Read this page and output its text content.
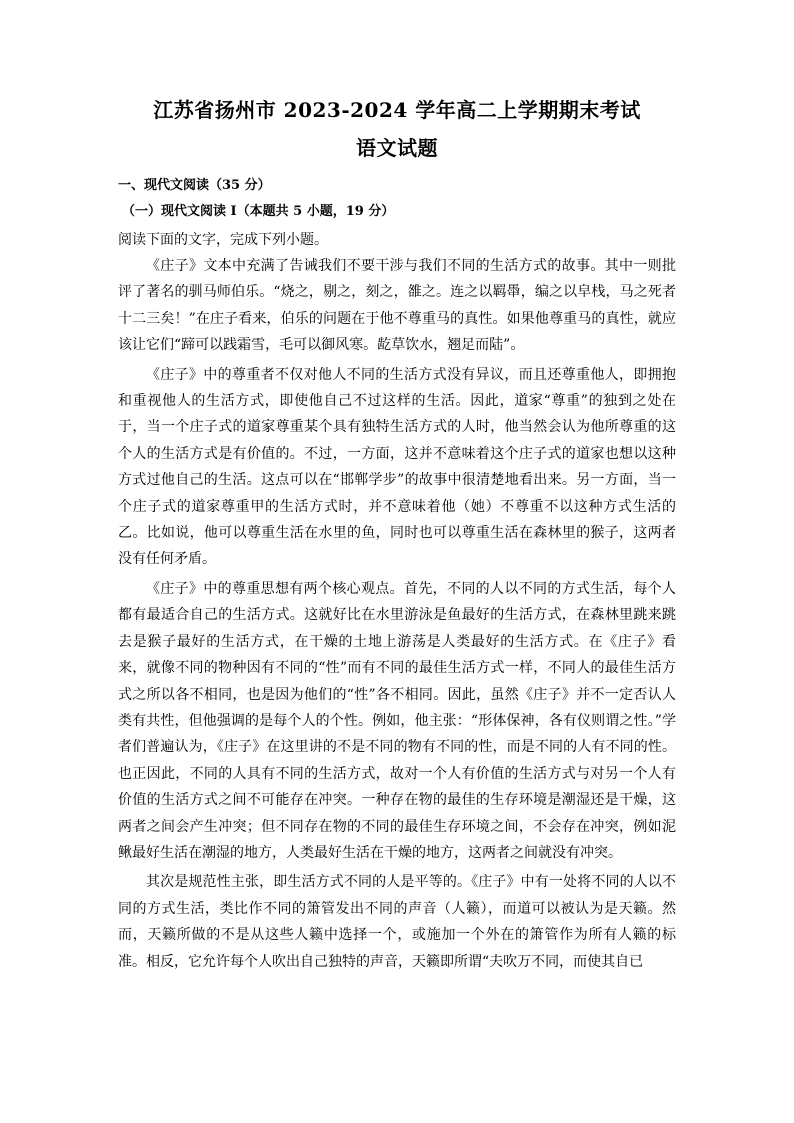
江苏省扬州市 2023-2024 学年高二上学期期末考试
语文试题

一、现代文阅读（35 分）

（一）现代文阅读 I（本题共 5 小题，19 分）

阅读下面的文字，完成下列小题。

《庄子》文本中充满了告诫我们不要干涉与我们不同的生活方式的故事。其中一则批评了著名的驯马师伯乐。“烧之，剔之，刻之，雒之。连之以羁馽，编之以皁栈，马之死者十二三矣！”在庄子看来，伯乐的问题在于他不尊重马的真性。如果他尊重马的真性，就应该让它们“蹄可以践霜雪，毛可以御风寒。龁草饮水，翘足而陆”。

《庄子》中的尊重者不仅对他人不同的生活方式没有异议，而且还尊重他人，即拥抱和重视他人的生活方式，即使他自己不过这样的生活。因此，道家“尊重”的独到之处在于，当一个庄子式的道家尊重某个具有独特生活方式的人时，他当然会认为他所尊重的这个人的生活方式是有价值的。不过，一方面，这并不意味着这个庄子式的道家也想以这种方式过他自己的生活。这点可以在“邯郸学步”的故事中很清楚地看出来。另一方面，当一个庄子式的道家尊重甲的生活方式时，并不意味着他（她）不尊重不以这种方式生活的乙。比如说，他可以尊重生活在水里的鱼，同时也可以尊重生活在森林里的猴子，这两者没有任何矛盾。

《庄子》中的尊重思想有两个核心观点。首先，不同的人以不同的方式生活，每个人都有最适合自己的生活方式。这就好比在水里游泳是鱼最好的生活方式，在森林里跳来跳去是猴子最好的生活方式，在干燥的土地上游荡是人类最好的生活方式。在《庄子》看来，就像不同的物种因有不同的“性”而有不同的最佳生活方式一样，不同人的最佳生活方式之所以各不相同，也是因为他们的“性”各不相同。因此，虽然《庄子》并不一定否认人类有共性，但他强调的是每个人的个性。例如，他主张：“形体保神，各有仪则谓之性。”学者们普遍认为，《庄子》在这里讲的不是不同的物有不同的性，而是不同的人有不同的性。也正因此，不同的人具有不同的生活方式，故对一个人有价值的生活方式与对另一个人有价值的生活方式之间不可能存在冲突。一种存在物的最佳的生存环境是潮湿还是干燥，这两者之间会产生冲突；但不同存在物的不同的最佳生存环境之间，不会存在冲突，例如泥鳅最好生活在潮湿的地方，人类最好生活在干燥的地方，这两者之间就没有冲突。

其次是规范性主张，即生活方式不同的人是平等的。《庄子》中有一处将不同的人以不同的方式生活，类比作不同的箫管发出不同的声音（人籁），而道可以被认为是天籁。然而，天籁所做的不是从这些人籁中选择一个，或施加一个外在的箫管作为所有人籁的标准。相反，它允许每个人吹出自己独特的声音，天籁即所谓“夫吹万不同，而使其自已
